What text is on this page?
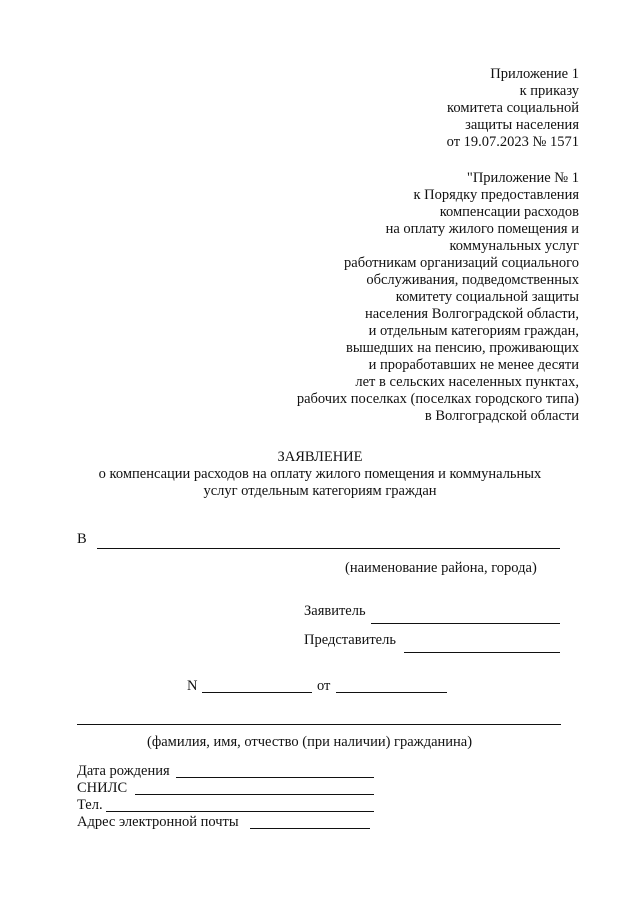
Приложение 1
к приказу
комитета социальной
защиты населения
от 19.07.2023 № 1571
"Приложение № 1
к Порядку предоставления
компенсации расходов
на оплату жилого помещения и
коммунальных услуг
работникам организаций социального
обслуживания, подведомственных
комитету социальной защиты
населения Волгоградской области,
и отдельным категориям граждан,
вышедших на пенсию, проживающих
и проработавших не менее десяти
лет в сельских населенных пунктах,
рабочих поселках (поселках городского типа)
в Волгоградской области
ЗАЯВЛЕНИЕ
о компенсации расходов на оплату жилого помещения и коммунальных
услуг отдельным категориям граждан
В
(наименование района, города)
Заявитель
Представитель
N	от
(фамилия, имя, отчество (при наличии) гражданина)
Дата рождения
СНИЛС
Тел.
Адрес электронной почты
